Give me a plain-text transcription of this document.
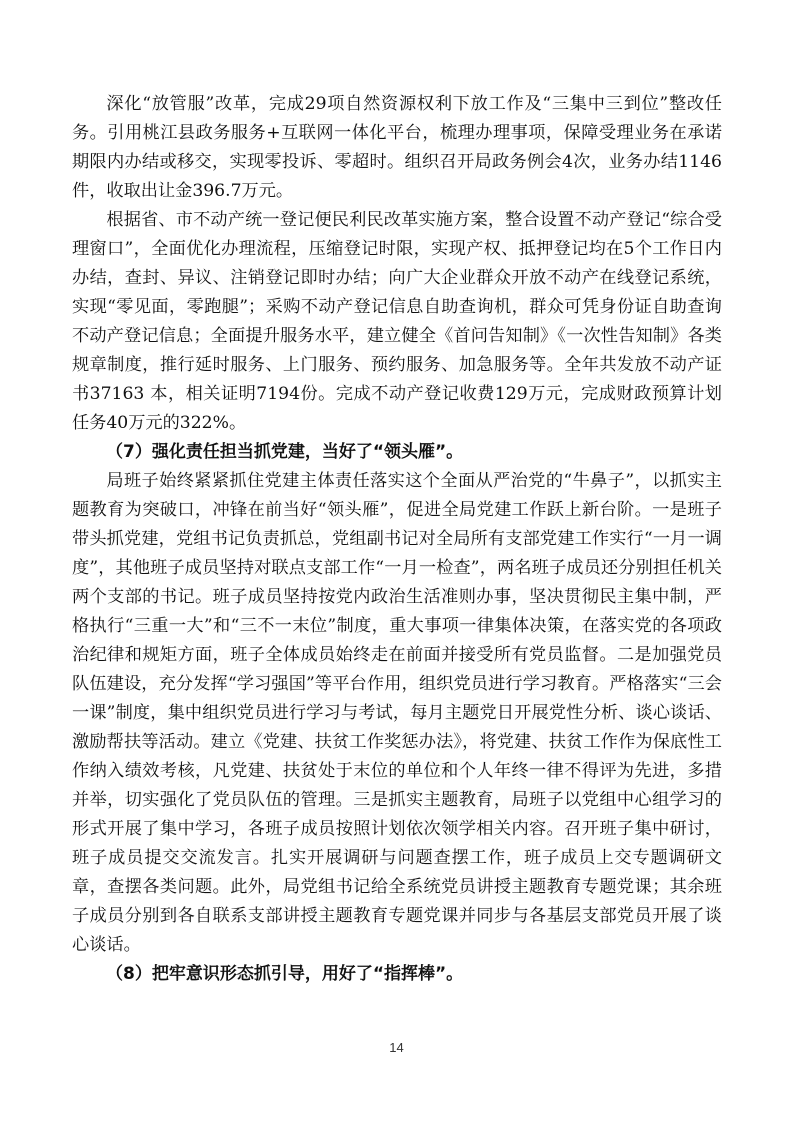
深化“放管服”改革，完成29项自然资源权利下放工作及“三集中三到位”整改任务。引用桃江县政务服务+互联网一体化平台，梳理办理事项，保障受理业务在承诺期限内办结或移交，实现零投诉、零超时。组织召开局政务例会4次，业务办结1146件，收取出让金396.7万元。

根据省、市不动产统一登记便民利民改革实施方案，整合设置不动产登记“综合受理窗口”，全面优化办理流程，压缩登记时限，实现产权、抵押登记均在5个工作日内办结，查封、异议、注销登记即时办结；向广大企业群众开放不动产在线登记系统，实现“零见面，零跑腿”；采购不动产登记信息自助查询机，群众可凭身份证自助查询不动产登记信息；全面提升服务水平，建立健全《首问告知制》《一次性告知制》各类规章制度，推行延时服务、上门服务、预约服务、加急服务等。全年共发放不动产证书37163 本，相关证明7194份。完成不动产登记收费129万元，完成财政预算计划任务40万元的322%。

（7）强化责任担当抓党建，当好了“领头雁”。

局班子始终紧紧抓住党建主体责任落实这个全面从严治党的“牛鼻子”，以抓实主题教育为突破口，冲锋在前当好“领头雁”，促进全局党建工作跃上新台阶。一是班子带头抓党建，党组书记负责抓总，党组副书记对全局所有支部党建工作实行“一月一调度”，其他班子成员坚持对联点支部工作“一月一检查”，两名班子成员还分别担任机关两个支部的书记。班子成员坚持按党内政治生活准则办事，坚决贯彻民主集中制，严格执行“三重一大”和“三不一末位”制度，重大事项一律集体决策，在落实党的各项政治纪律和规矩方面，班子全体成员始终走在前面并接受所有党员监督。二是加强党员队伍建设，充分发挥“学习强国”等平台作用，组织党员进行学习教育。严格落实“三会一课”制度，集中组织党员进行学习与考试，每月主题党日开展党性分析、谈心谈话、激励帮扶等活动。建立《党建、扶贫工作奖惩办法》，将党建、扶贫工作作为保底性工作纳入绩效考核，凡党建、扶贫处于末位的单位和个人年终一律不得评为先进，多措并举，切实强化了党员队伍的管理。三是抓实主题教育，局班子以党组中心组学习的形式开展了集中学习，各班子成员按照计划依次领学相关内容。召开班子集中研讨，班子成员提交交流发言。扎实开展调研与问题查摆工作，班子成员上交专题调研文章，查摆各类问题。此外，局党组书记给全系统党员讲授主题教育专题党课；其余班子成员分别到各自联系支部讲授主题教育专题党课并同步与各基层支部党员开展了谈心谈话。

（8）把牢意识形态抓引导，用好了“指挥棒”。

14
